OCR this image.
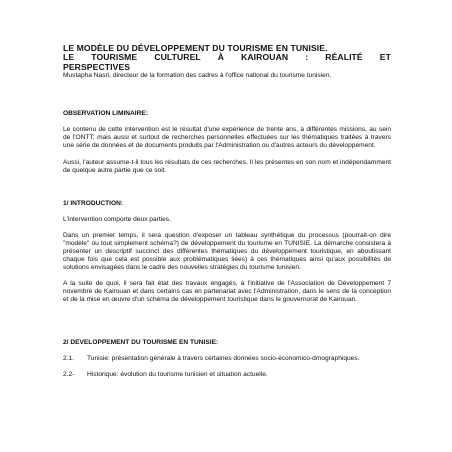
LE MODÈLE DU DÉVELOPPEMENT DU TOURISME EN TUNISIE.

LE TOURISME CULTUREL À KAIROUAN : RÉALITÉ ET
PERSPECTIVES

Mustapha Nasri, directeur de la formation des cadres à l'office national du tourisme tunisien.

OBSERVATION LIMINAIRE:

Le contenu de cette intervention est le résultat d'une expérience de trente ans, à différentes missions, au sein de l'ONTT; mais aussi et surtout de recherches personnelles effectuées sur les thématiques traitées à travers une série de données et de documents produits par l'Administration ou d'autres acteurs du développement.

Aussi, l'auteur assume-t-il tous les résultats de ces recherches. Il les présentes en son nom et indépendamment de quelque autre partie que ce soit.

1/ INTRODUCTION:

L'intervention comporte deux parties.

Dans un premier temps, il sera question d'exposer un tableau synthétique du processus (pourrait-on dire "modèle" ou tout simplement schéma?) de développement du tourisme en TUNISIE. La démarche consistera à présenter un descriptif succinct des différentes thématiques du développement touristique, en aboutissant chaque fois que cela est possible aux problématiques liées) à ces thématiques ainsi qu'aux possibilités de solutions envisagées dans le cadre des nouvelles stratégies du tourisme tunisien.

A la suite de quoi, il sera fait état des travaux engagés, à l'initiative de l'Association de Développement 7 novembre de Kairouan et dans certains cas en partenariat avec l'Administration, dans le sens de la conception et de la mise en œuvre d'un schéma de développement touristique dans le gouvernorat de Kairouan.

2/ DEVELOPPEMENT DU TOURISME EN TUNISIE:

2.1.	Tunisie: présentation générale à travers certaines données socio-économico-dmographiques.
2.2-	Historique: évolution du tourisme tunisien et situation actuelle.
